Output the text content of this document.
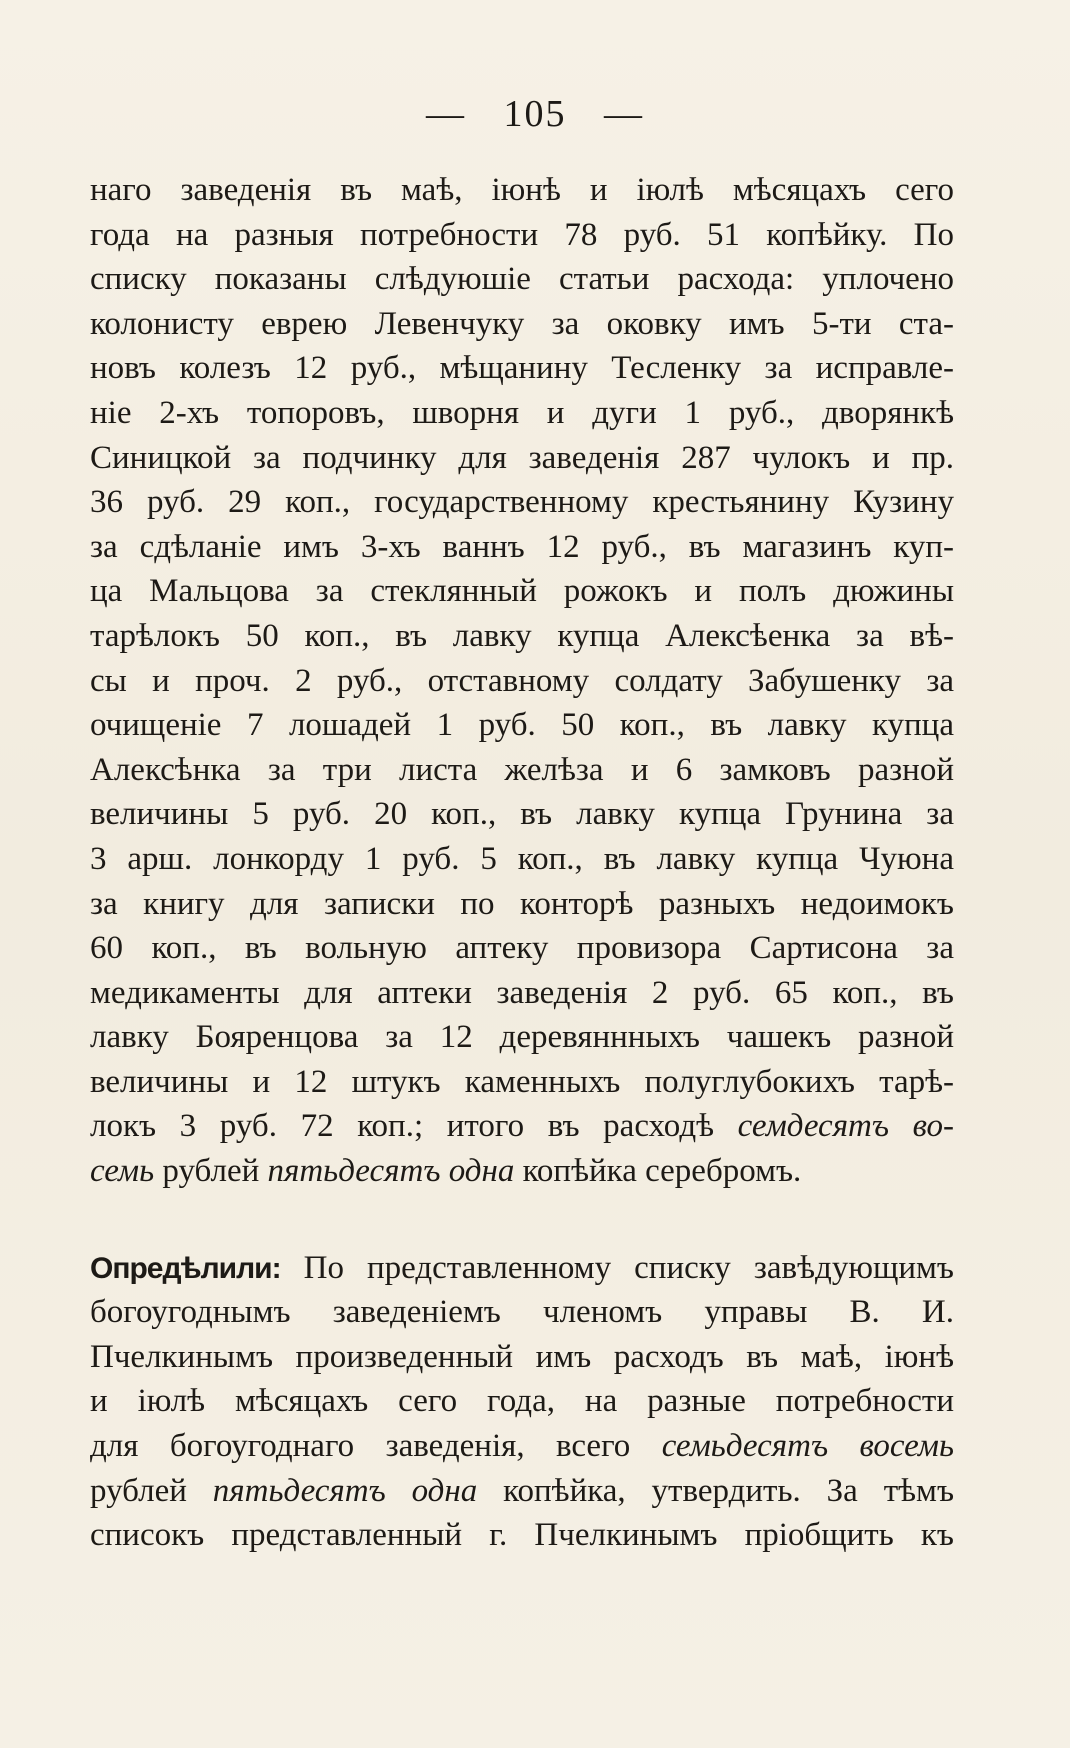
— 105 —
наго заведенія въ маѣ, іюнѣ и іюлѣ мѣсяцахъ сего
года на разныя потребности 78 руб. 51 копѣйку. По
списку показаны слѣдуюшіе статьи расхода: уплочено
колонисту еврею Левенчуку за оковку имъ 5-ти ста-
новъ колезъ 12 руб., мѣщанину Тесленку за исправле-
ніе 2-хъ топоровъ, шворня и дуги 1 руб., дворянкѣ
Синицкой за подчинку для заведенія 287 чулокъ и пр.
36 руб. 29 коп., государственному крестьянину Кузину
за сдѣланіе имъ 3-хъ ваннъ 12 руб., въ магазинъ куп-
ца Мальцова за стеклянный рожокъ и полъ дюжины
тарѣлокъ 50 коп., въ лавку купца Алексѣенка за вѣ-
сы и проч. 2 руб., отставному солдату Забушенку за
очищеніе 7 лошадей 1 руб. 50 коп., въ лавку купца
Алексѣнка за три листа желѣза и 6 замковъ разной
величины 5 руб. 20 коп., въ лавку купца Грунина за
3 арш. лонкорду 1 руб. 5 коп., въ лавку купца Чуюна
за книгу для записки по конторѣ разныхъ недоимокъ
60 коп., въ вольную аптеку провизора Сартисона за
медикаменты для аптеки заведенія 2 руб. 65 коп., въ
лавку Бояренцова за 12 деревяннныхъ чашекъ разной
величины и 12 штукъ каменныхъ полуглубокихъ тарѣ-
локъ 3 руб. 72 коп.; итого въ расходѣ семдесятъ во-
семь рублей пятьдесятъ одна копѣйка серебромъ.
Опредѣлили: По представленному списку завѣдующимъ
богоугоднымъ заведеніемъ членомъ управы В. И.
Пчелкинымъ произведенный имъ расходъ въ маѣ, іюнѣ
и іюлѣ мѣсяцахъ сего года, на разные потребности
для богоугоднаго заведенія, всего семьдесятъ восемь
рублей пятьдесятъ одна копѣйка, утвердить. За тѣмъ
списокъ представленный г. Пчелкинымъ пріобщить къ
